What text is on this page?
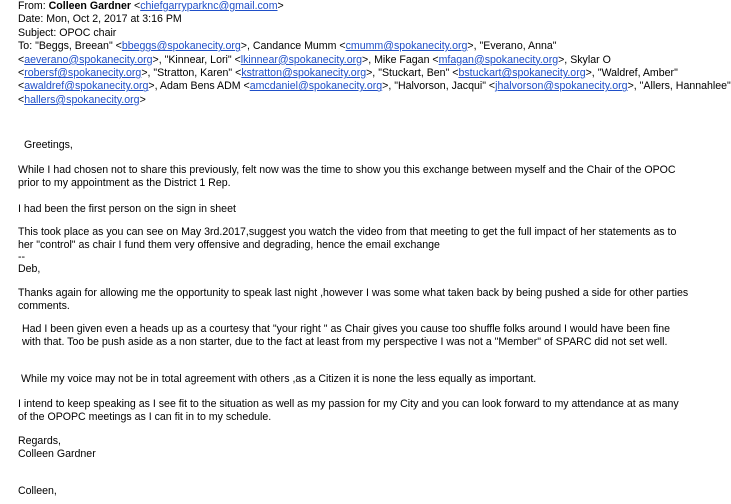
From: Colleen Gardner <chiefgarryparknc@gmail.com>
Date: Mon, Oct 2, 2017 at 3:16 PM
Subject: OPOC chair
To: "Beggs, Breean" <bbeggs@spokanecity.org>, Candance Mumm <cmumm@spokanecity.org>, "Everano, Anna"
<aeverano@spokanecity.org>, "Kinnear, Lori" <lkinnear@spokanecity.org>, Mike Fagan <mfagan@spokanecity.org>, Skylar O
<robersf@spokanecity.org>, "Stratton, Karen" <kstratton@spokanecity.org>, "Stuckart, Ben" <bstuckart@spokanecity.org>, "Waldref, Amber"
<awaldref@spokanecity.org>, Adam Bens ADM <amcdaniel@spokanecity.org>, "Halvorson, Jacqui" <jhalvorson@spokanecity.org>, "Allers, Hannahlee"
<hallers@spokanecity.org>
Greetings,
While I had chosen not to share this previously, felt now was the time to show you this exchange between myself and the Chair of the OPOC prior to my appointment as the District 1 Rep.
I had been the first person on the sign in sheet
This took place as you can see on May 3rd.2017,suggest you watch the video from that meeting to get the full impact of her statements as to her "control" as chair I fund them very offensive and degrading, hence the email exchange
--
Deb,
Thanks again for allowing me the opportunity to speak last night ,however I was some what taken back by being pushed a side for other parties comments.
Had I been given even a heads up as a courtesy that "your right " as Chair gives you cause too shuffle folks around I would have been fine with that. Too be push aside as a non starter, due to the fact at least from my perspective I was not a "Member" of SPARC did not set well.
While my voice may not be in total agreement with others ,as a Citizen it is none the less equally as important.
I intend to keep speaking as I see fit to the situation as well as my passion for my City and you can look forward to my attendance at as many of the OPOPC meetings as I can fit in to my schedule.
Regards,
Colleen Gardner
Colleen,
